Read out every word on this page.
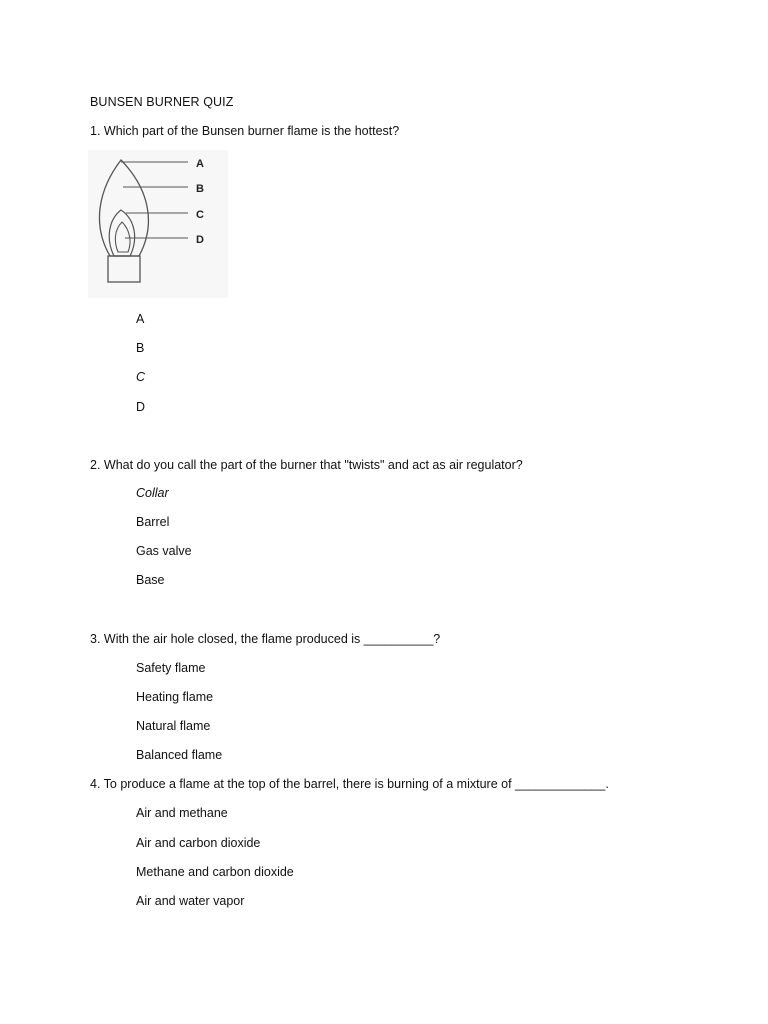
BUNSEN BURNER QUIZ
1. Which part of the Bunsen burner flame is the hottest?
A
B
C
D
A
B
C
D
2. What do you call the part of the burner that "twists" and act as air regulator?
Collar
Barrel
Gas valve
Base
3. With the air hole closed, the flame produced is __________?
Safety flame
Heating flame
Natural flame
Balanced flame
4. To produce a flame at the top of the barrel, there is burning of a mixture of _____________.
Air and methane
Air and carbon dioxide
Methane and carbon dioxide
Air and water vapor
